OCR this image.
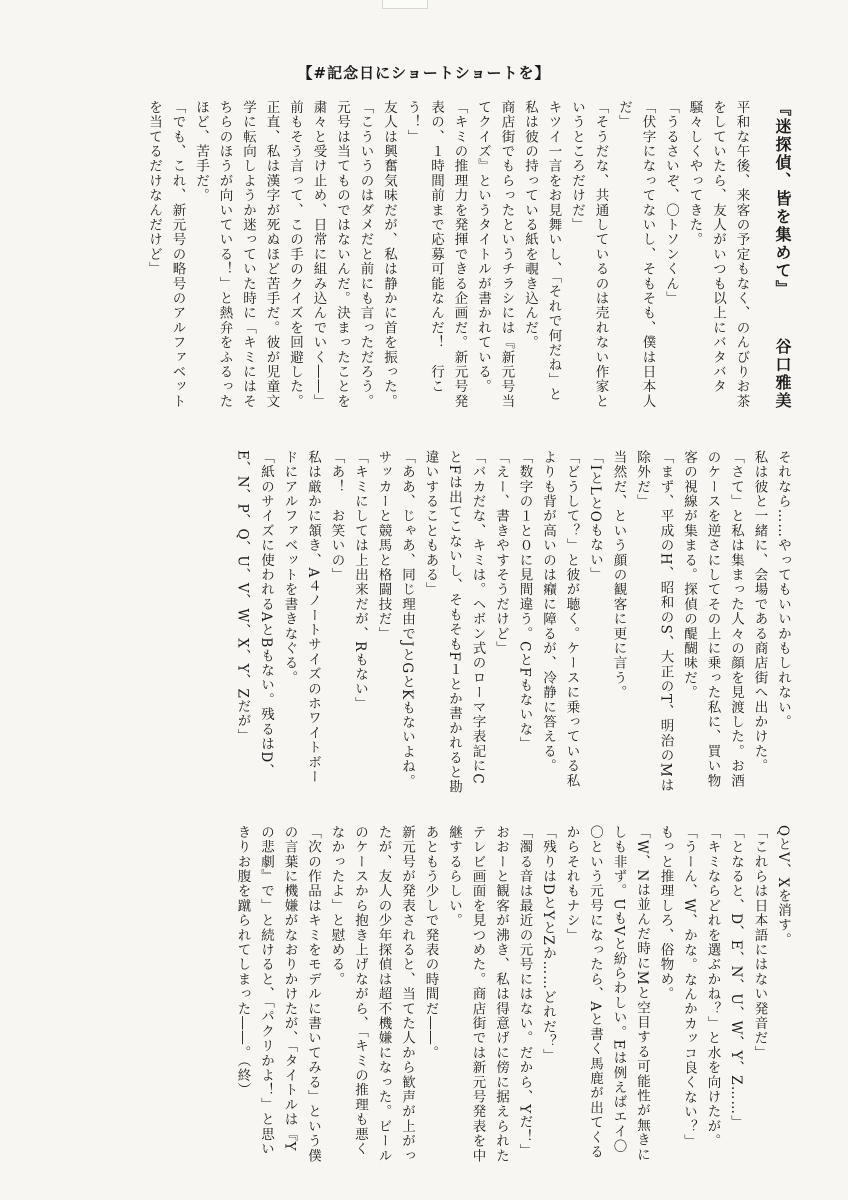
【#記念日にショートショートを】

『迷探偵、皆を集めて』谷口雅美

平和な午後、来客の予定もなく、のんびりお茶をしていたら、友人がいつも以上にバタバタ騒々しくやってきた。

「うるさいぞ、〇トソンくん」

「伏字になってないし、そもそも、僕は日本人だ」

「そうだな、共通しているのは売れない作家というところだけだ」

キツイ一言をお見舞いし、「それで何だね」と私は彼の持っている紙を覗き込んだ。

商店街でもらったというチラシには『新元号当てクイズ』というタイトルが書かれている。

「キミの推理力を発揮できる企画だ。新元号発表の、１時間前まで応募可能なんだ！　行こう！」

友人は興奮気味だが、私は静かに首を振った。

「こういうのはダメだと前にも言っただろう。元号は当てものではないんだ。決まったことを粛々と受け止め、日常に組み込んでいく――」

前もそう言って、この手のクイズを回避した。正直、私は漢字が死ぬほど苦手だ。彼が児童文学に転向しようか迷っていた時に「キミにはそちらのほうが向いている！」と熱弁をふるったほど、苦手だ。

「でも、これ、新元号の略号のアルファベットを当てるだけなんだけど」

それなら……やってもいいかもしれない。

私は彼と一緒に、会場である商店街へ出かけた。

「さて」と私は集まった人々の顔を見渡した。お酒のケースを逆さにしてその上に乗った私に、買い物客の視線が集まる。探偵の醍醐味だ。

「まず、平成のH、昭和のS、大正のT、明治のMは除外だ」

当然だ、という顔の観客に更に言う。

「IとLとOもない」

「どうして？」と彼が聴く。ケースに乗っている私よりも背が高いのは癪に障るが、冷静に答える。

「数字の１と０に見間違う。CとFもないな」

「えー、書きやすそうだけど」

「バカだな、キミは。ヘボン式のローマ字表記にCとFは出てこないし、そもそもF１とか書かれると勘違いすることもある」

「ああ、じゃあ、同じ理由でJとGとKもないよね。サッカーと競馬と格闘技だ」

「キミにしては上出来だが、Rもない」

「あ！　お笑いの」

私は厳かに頷き、A４ノートサイズのホワイトボードにアルファベットを書きなぐる。

「紙のサイズに使われるAとBもない。残るはD、E、N、P、Q、U、V、W、X、Y、Zだが」

QとV、Xを消す。

「これらは日本語にはない発音だ」

「となると、D、E、N、U、W、Y、Z……」

「キミならどれを選ぶかね？」と水を向けたが。

「うーん、W、かな。なんかカッコ良くない？」

もっと推理しろ、俗物め。

「W、Nは並んだ時にMと空目する可能性が無きにしも非ず。UもVと紛らわしい。Eは例えばエイ〇〇という元号になったら、Aと書く馬鹿が出てくるからそれもナシ」

「残りはDとYとZか……どれだ？」

「濁る音は最近の元号にはない。だから、Yだ！」

おおーと観客が沸き、私は得意げに傍に据えられたテレビ画面を見つめた。商店街では新元号発表を中継するらしい。

あともう少しで発表の時間だ――。

新元号が発表されると、当てた人から歓声が上がったが、友人の少年探偵は超不機嫌になった。ビールのケースから抱き上げながら、「キミの推理も悪くなかったよ」と慰める。

「次の作品はキミをモデルに書いてみる」という僕の言葉に機嫌がなおりかけたが、「タイトルは『Yの悲劇』で」と続けると、「パクリかよ！」と思いきりお腹を蹴られてしまった――。（終）
